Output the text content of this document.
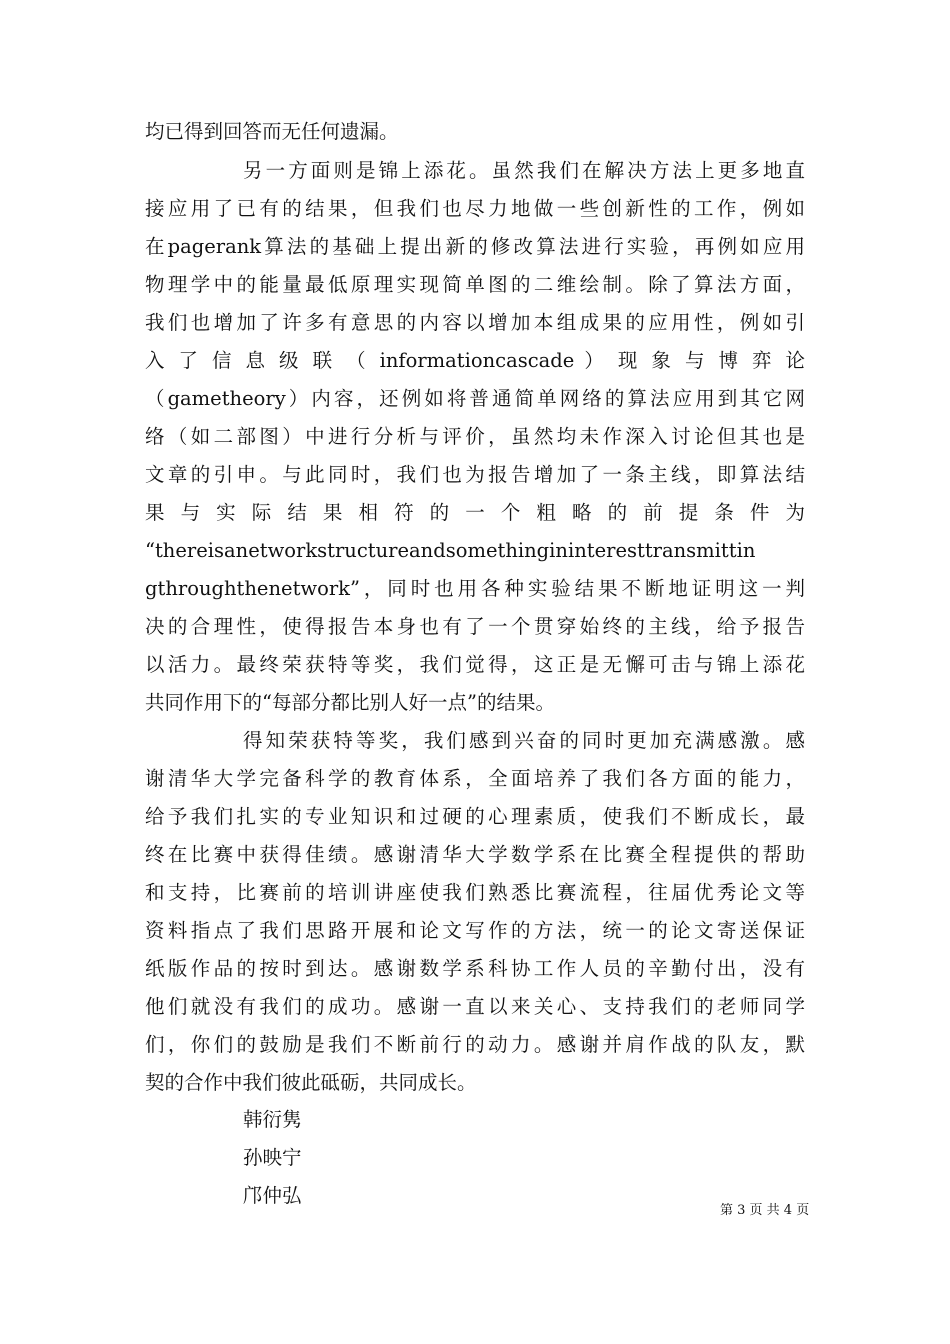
均已得到回答而无任何遗漏。
另一方面则是锦上添花。虽然我们在解决方法上更多地直
接应用了已有的结果，但我们也尽力地做一些创新性的工作，例如
在pagerank算法的基础上提出新的修改算法进行实验，再例如应用
物理学中的能量最低原理实现简单图的二维绘制。除了算法方面，
我们也增加了许多有意思的内容以增加本组成果的应用性，例如引
入 了 信 息 级 联 （ informationcascade ） 现 象 与 博 弈 论
（gametheory）内容，还例如将普通简单网络的算法应用到其它网
络（如二部图）中进行分析与评价，虽然均未作深入讨论但其也是
文章的引申。与此同时，我们也为报告增加了一条主线，即算法结
果 与 实 际 结 果 相 符 的 一 个 粗 略 的 前 提 条 件 为
“thereisanetworkstructureandsomethingininteresttransmittin
gthroughthenetwork”，同时也用各种实验结果不断地证明这一判
决的合理性，使得报告本身也有了一个贯穿始终的主线，给予报告
以活力。最终荣获特等奖，我们觉得，这正是无懈可击与锦上添花
共同作用下的“每部分都比别人好一点”的结果。
得知荣获特等奖，我们感到兴奋的同时更加充满感激。感
谢清华大学完备科学的教育体系，全面培养了我们各方面的能力，
给予我们扎实的专业知识和过硬的心理素质，使我们不断成长，最
终在比赛中获得佳绩。感谢清华大学数学系在比赛全程提供的帮助
和支持，比赛前的培训讲座使我们熟悉比赛流程，往届优秀论文等
资料指点了我们思路开展和论文写作的方法，统一的论文寄送保证
纸版作品的按时到达。感谢数学系科协工作人员的辛勤付出，没有
他们就没有我们的成功。感谢一直以来关心、支持我们的老师同学
们，你们的鼓励是我们不断前行的动力。感谢并肩作战的队友，默
契的合作中我们彼此砥砺，共同成长。
韩衍隽
孙映宁
邝仲弘
第 3 页 共 4 页
